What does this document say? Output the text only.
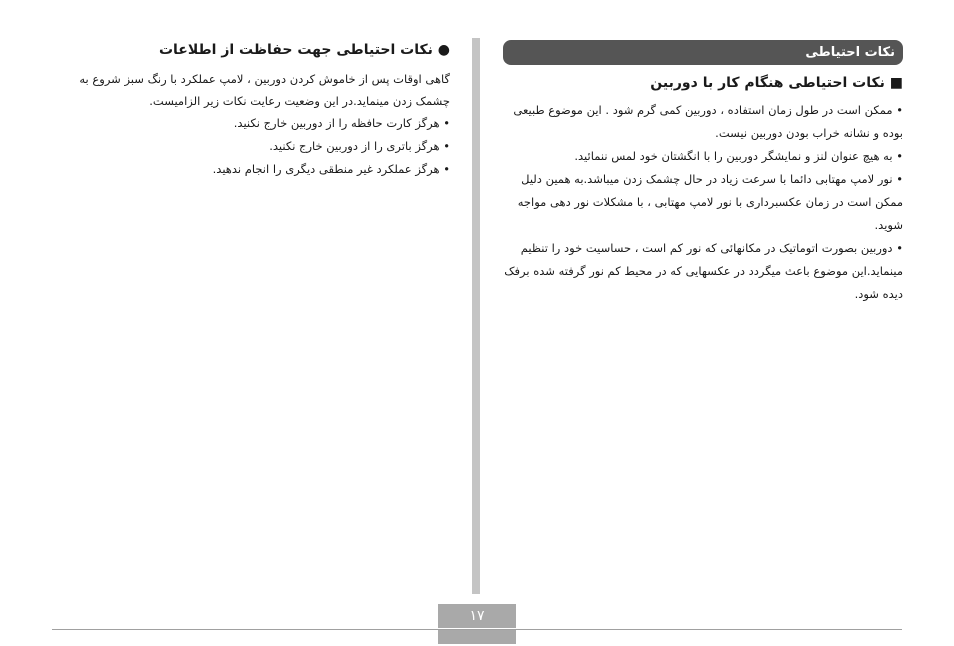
● نکات احتیاطی جهت حفاظت از اطلاعات
گاهی اوقات پس از خاموش کردن دوربین ، لامپ عملکرد با رنگ سبز شروع به چشمک زدن مینماید.در این وضعیت رعایت نکات زیر الزامیست.
• هرگز کارت حافظه را از دوربین خارج نکنید.
• هرگز باتری را از دوربین خارج نکنید.
• هرگز عملکرد غیر منطقی دیگری را انجام ندهید.
نکات احتیاطی
■ نکات احتیاطی هنگام کار با دوربین

• ممکن است در طول زمان استفاده ، دوربین کمی گرم شود . این موضوع طبیعی بوده و نشانه خراب بودن دوربین نیست.

• به هیچ عنوان لنز و نمایشگر دوربین را با انگشتان خود لمس ننمائید.

• نور لامپ مهتابی دائما با سرعت زیاد در حال چشمک زدن میباشد.به همین دلیل ممکن است در زمان عکسبرداری با نور لامپ مهتابی ، با مشکلات نور دهی مواجه شوید.

• دوربین بصورت اتوماتیک در مکانهائی که نور کم است ، حساسیت خود را تنظیم مینماید.این موضوع باعث میگردد در عکسهایی که در محیط کم نور گرفته شده برفک دیده شود.

۱۷
